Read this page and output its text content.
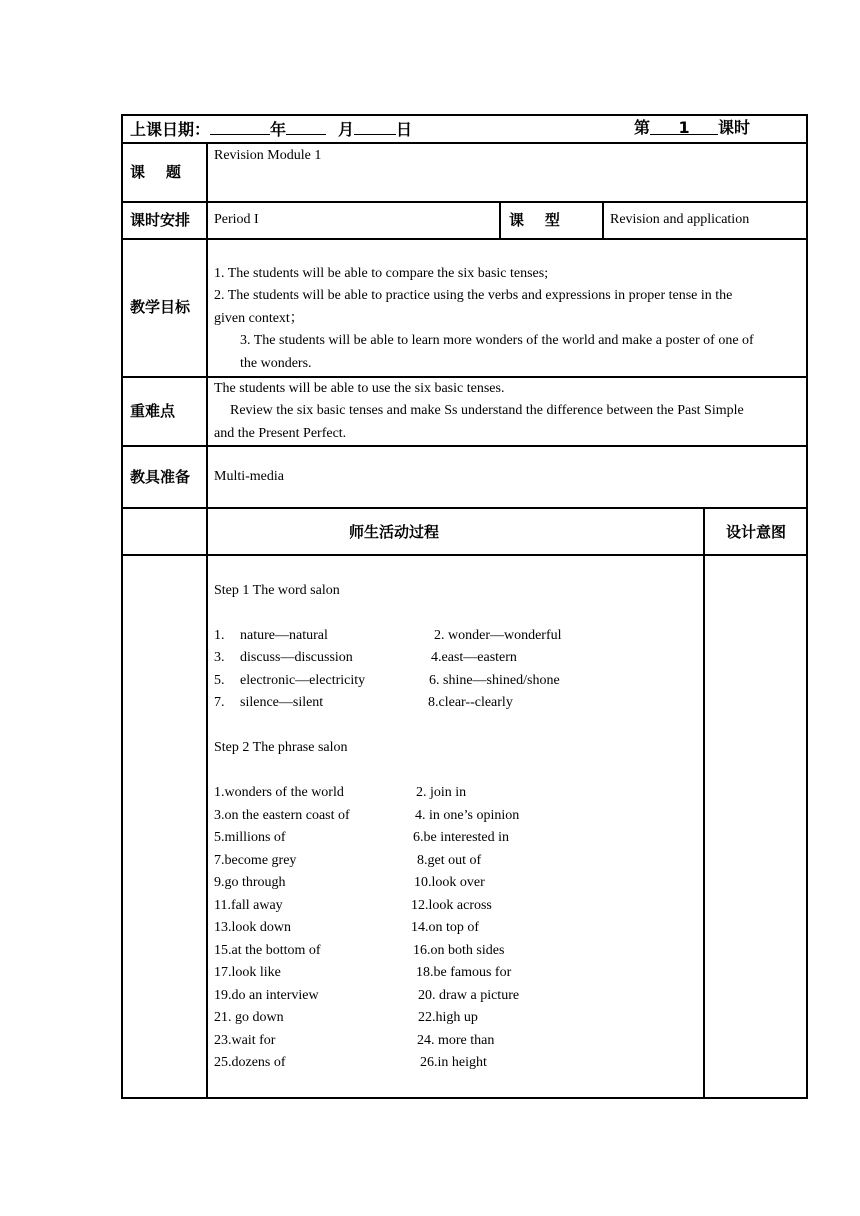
上课日期：	年	月	日	第 1 课时
课    题
Revision Module 1
课时安排 Period I	课    型	Revision and application
教学目标
1. The students will be able to compare the six basic tenses;
2. The students will be able to practice using the verbs and expressions in proper tense in the
given context；
3. The students will be able to learn more wonders of the world and make a poster of one of
the wonders.
重难点
The students will be able to use the six basic tenses.
Review the six basic tenses and make Ss understand the difference between the Past Simple
and the Present Perfect.
教具准备 Multi-media
师生活动过程	设计意图
Step 1 The word salon
1. nature—natural	2. wonder—wonderful
3. discuss—discussion	4.east—eastern
5. electronic—electricity	6. shine—shined/shone
7. silence—silent	8.clear--clearly
Step 2 The phrase salon
1.wonders of the world	2. join in
3.on the eastern coast of	4. in one’s opinion
5.millions of	6.be interested in
7.become grey	8.get out of
9.go through	10.look over
11.fall away	12.look across
13.look down	14.on top of
15.at the bottom of	16.on both sides
17.look like	18.be famous for
19.do an interview	20. draw a picture
21. go down	22.high up
23.wait for	24. more than
25.dozens of	26.in height
